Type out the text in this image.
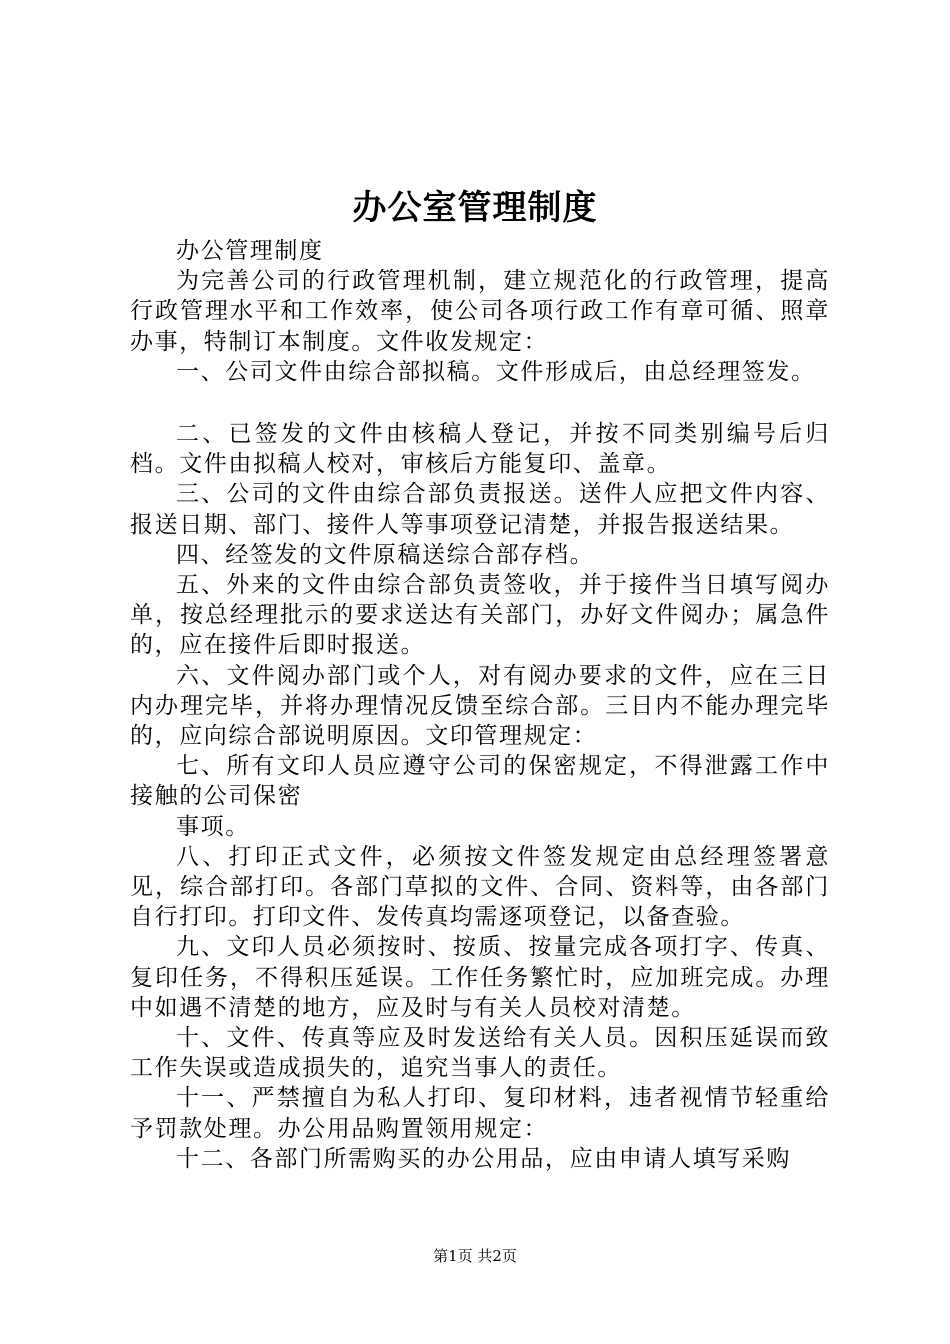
办公室管理制度

办公管理制度

为完善公司的行政管理机制，建立规范化的行政管理，提高行政管理水平和工作效率，使公司各项行政工作有章可循、照章办事，特制订本制度。文件收发规定：

一、公司文件由综合部拟稿。文件形成后，由总经理签发。

二、已签发的文件由核稿人登记，并按不同类别编号后归档。文件由拟稿人校对，审核后方能复印、盖章。

三、公司的文件由综合部负责报送。送件人应把文件内容、报送日期、部门、接件人等事项登记清楚，并报告报送结果。

四、经签发的文件原稿送综合部存档。

五、外来的文件由综合部负责签收，并于接件当日填写阅办单，按总经理批示的要求送达有关部门，办好文件阅办；属急件的，应在接件后即时报送。

六、文件阅办部门或个人，对有阅办要求的文件，应在三日内办理完毕，并将办理情况反馈至综合部。三日内不能办理完毕的，应向综合部说明原因。文印管理规定：

七、所有文印人员应遵守公司的保密规定，不得泄露工作中接触的公司保密

事项。

八、打印正式文件，必须按文件签发规定由总经理签署意见，综合部打印。各部门草拟的文件、合同、资料等，由各部门自行打印。打印文件、发传真均需逐项登记，以备查验。

九、文印人员必须按时、按质、按量完成各项打字、传真、复印任务，不得积压延误。工作任务繁忙时，应加班完成。办理中如遇不清楚的地方，应及时与有关人员校对清楚。

十、文件、传真等应及时发送给有关人员。因积压延误而致工作失误或造成损失的，追究当事人的责任。

十一、严禁擅自为私人打印、复印材料，违者视情节轻重给予罚款处理。办公用品购置领用规定：

十二、各部门所需购买的办公用品，应由申请人填写采购

第1页 共2页
